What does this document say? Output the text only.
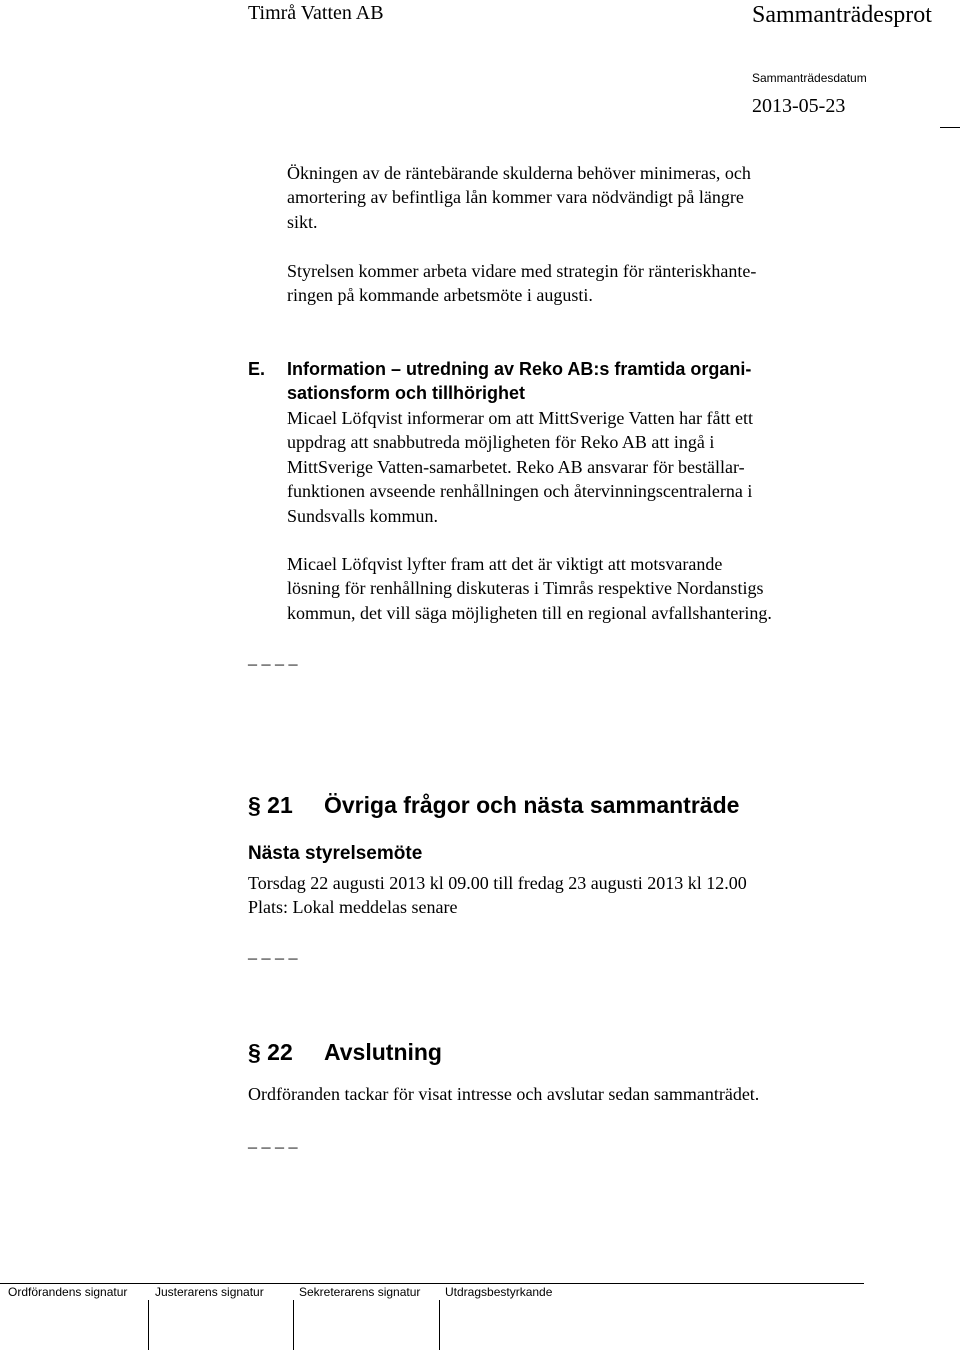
Timrå Vatten AB	Sammanträdesprot
Sammanträdesdatum
2013-05-23
Ökningen av de räntebärande skulderna behöver minimeras, och
amortering av befintliga lån kommer vara nödvändigt på längre
sikt.
Styrelsen kommer arbeta vidare med strategin för ränteriskhante-
ringen på kommande arbetsmöte i augusti.
E. Information – utredning av Reko AB:s framtida organi-
sationsform och tillhörighet
Micael Löfqvist informerar om att MittSverige Vatten har fått ett
uppdrag att snabbutreda möjligheten för Reko AB att ingå i
MittSverige Vatten-samarbetet. Reko AB ansvarar för beställar-
funktionen avseende renhållningen och återvinningscentralerna i
Sundsvalls kommun.
Micael Löfqvist lyfter fram att det är viktigt att motsvarande
lösning för renhållning diskuteras i Timrås respektive Nordanstigs
kommun, det vill säga möjligheten till en regional avfallshantering.
_ _ _ _
§ 21 Övriga frågor och nästa sammanträde
Nästa styrelsemöte
Torsdag 22 augusti 2013 kl 09.00 till fredag 23 augusti 2013 kl 12.00
Plats: Lokal meddelas senare
_ _ _ _
§ 22 Avslutning
Ordföranden tackar för visat intresse och avslutar sedan sammanträdet.
_ _ _ _
Ordförandens signatur Justerarens signatur	Sekreterarens signatur Utdragsbestyrkande
